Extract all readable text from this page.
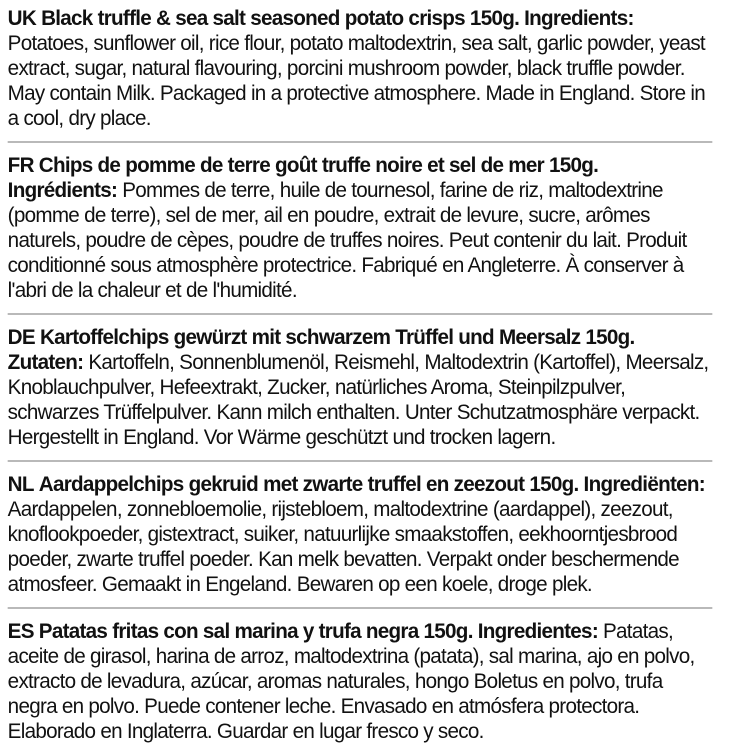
UK Black truffle & sea salt seasoned potato crisps 150g. Ingredients: Potatoes, sunflower oil, rice flour, potato maltodextrin, sea salt, garlic powder, yeast extract, sugar, natural flavouring, porcini mushroom powder, black truffle powder. May contain Milk. Packaged in a protective atmosphere. Made in England. Store in a cool, dry place.

FR Chips de pomme de terre goût truffe noire et sel de mer 150g. Ingrédients: Pommes de terre, huile de tournesol, farine de riz, maltodextrine (pomme de terre), sel de mer, ail en poudre, extrait de levure, sucre, arômes naturels, poudre de cèpes, poudre de truffes noires. Peut contenir du lait. Produit conditionné sous atmosphère protectrice. Fabriqué en Angleterre. À conserver à l'abri de la chaleur et de l'humidité.

DE Kartoffelchips gewürzt mit schwarzem Trüffel und Meersalz 150g. Zutaten: Kartoffeln, Sonnenblumenöl, Reismehl, Maltodextrin (Kartoffel), Meersalz, Knoblauchpulver, Hefeextrakt, Zucker, natürliches Aroma, Steinpilzpulver, schwarzes Trüffelpulver. Kann milch enthalten. Unter Schutzatmosphäre verpackt. Hergestellt in England. Vor Wärme geschützt und trocken lagern.

NL Aardappelchips gekruid met zwarte truffel en zeezout 150g. Ingrediënten: Aardappelen, zonnebloemolie, rijstebloem, maltodextrine (aardappel), zeezout, knoflookpoeder, gistextract, suiker, natuurlijke smaakstoffen, eekhoorntjesbrood poeder, zwarte truffel poeder. Kan melk bevatten. Verpakt onder beschermende atmosfeer. Gemaakt in Engeland. Bewaren op een koele, droge plek.

ES Patatas fritas con sal marina y trufa negra 150g. Ingredientes: Patatas, aceite de girasol, harina de arroz, maltodextrina (patata), sal marina, ajo en polvo, extracto de levadura, azúcar, aromas naturales, hongo Boletus en polvo, trufa negra en polvo. Puede contener leche. Envasado en atmósfera protectora. Elaborado en Inglaterra. Guardar en lugar fresco y seco.
